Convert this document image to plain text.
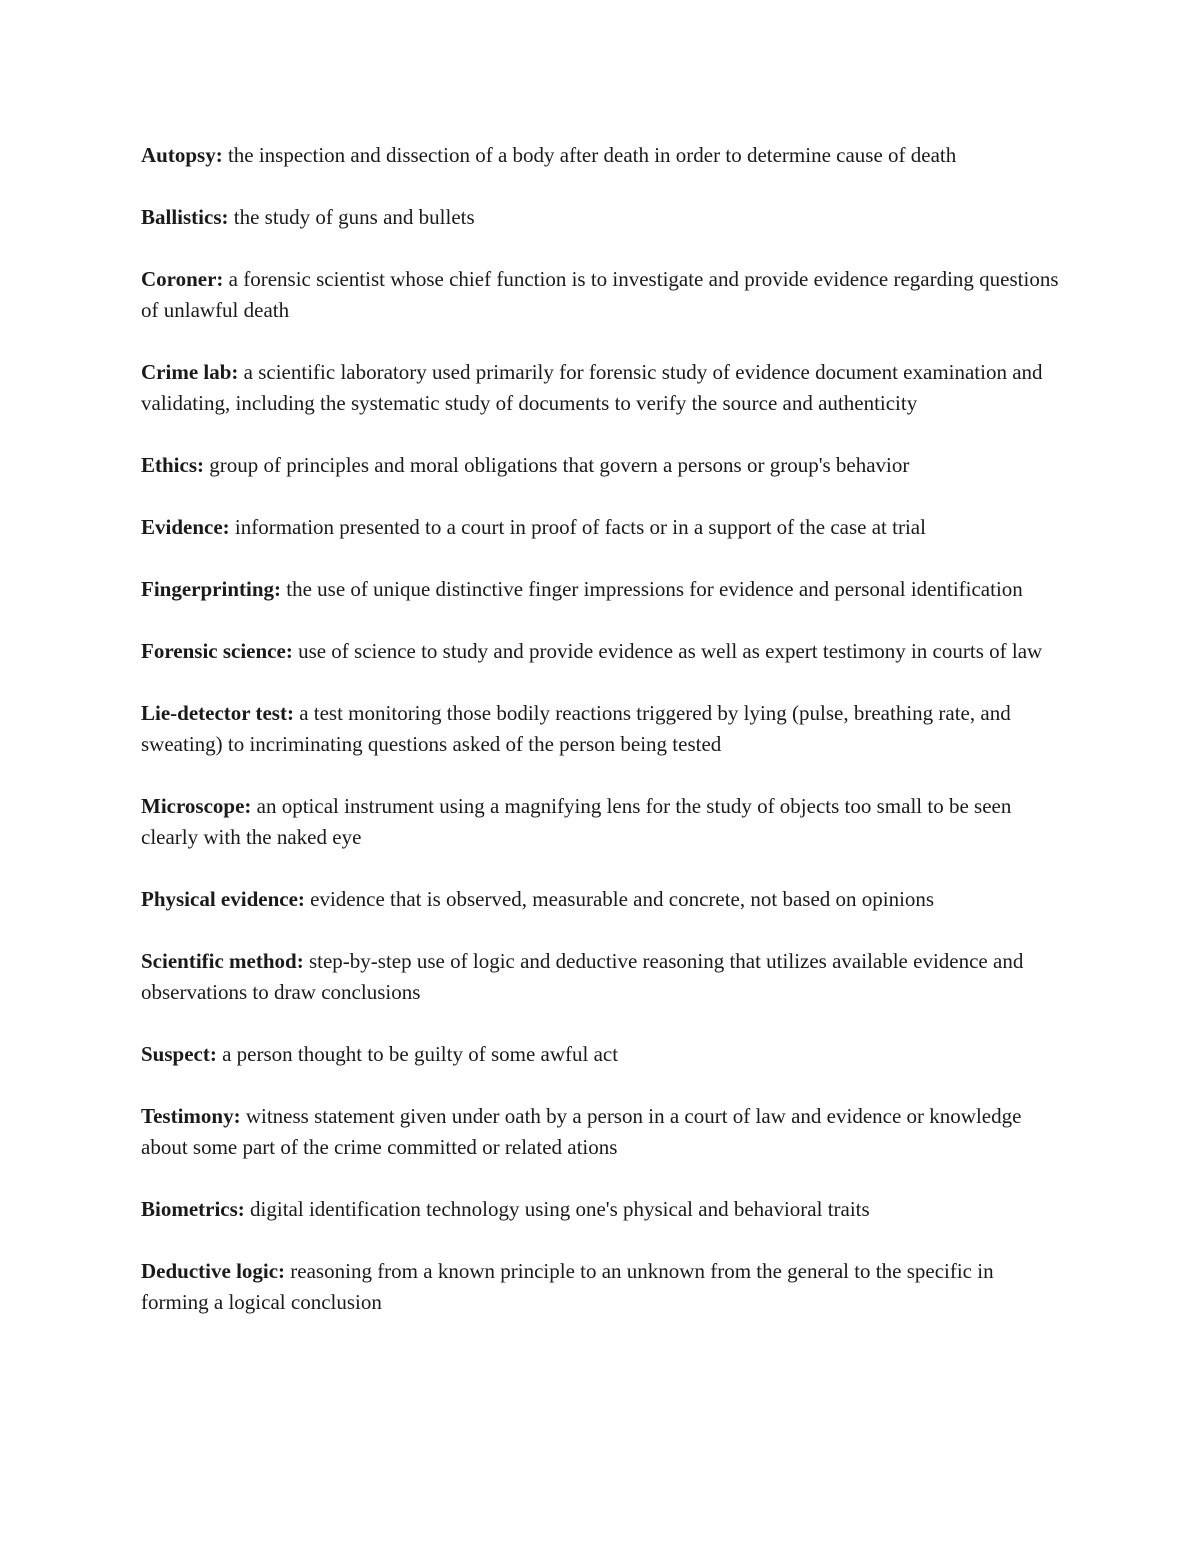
Autopsy: the inspection and dissection of a body after death in order to determine cause of death

Ballistics: the study of guns and bullets

Coroner: a forensic scientist whose chief function is to investigate and provide evidence regarding questions of unlawful death

Crime lab: a scientific laboratory used primarily for forensic study of evidence document examination and validating, including the systematic study of documents to verify the source and authenticity

Ethics: group of principles and moral obligations that govern a persons or group's behavior

Evidence: information presented to a court in proof of facts or in a support of the case at trial

Fingerprinting: the use of unique distinctive finger impressions for evidence and personal identification

Forensic science: use of science to study and provide evidence as well as expert testimony in courts of law

Lie-detector test: a test monitoring those bodily reactions triggered by lying (pulse, breathing rate, and sweating) to incriminating questions asked of the person being tested

Microscope: an optical instrument using a magnifying lens for the study of objects too small to be seen clearly with the naked eye

Physical evidence: evidence that is observed, measurable and concrete, not based on opinions

Scientific method: step-by-step use of logic and deductive reasoning that utilizes available evidence and observations to draw conclusions

Suspect: a person thought to be guilty of some awful act

Testimony: witness statement given under oath by a person in a court of law and evidence or knowledge about some part of the crime committed or related ations

Biometrics: digital identification technology using one's physical and behavioral traits

Deductive logic: reasoning from a known principle to an unknown from the general to the specific in forming a logical conclusion
